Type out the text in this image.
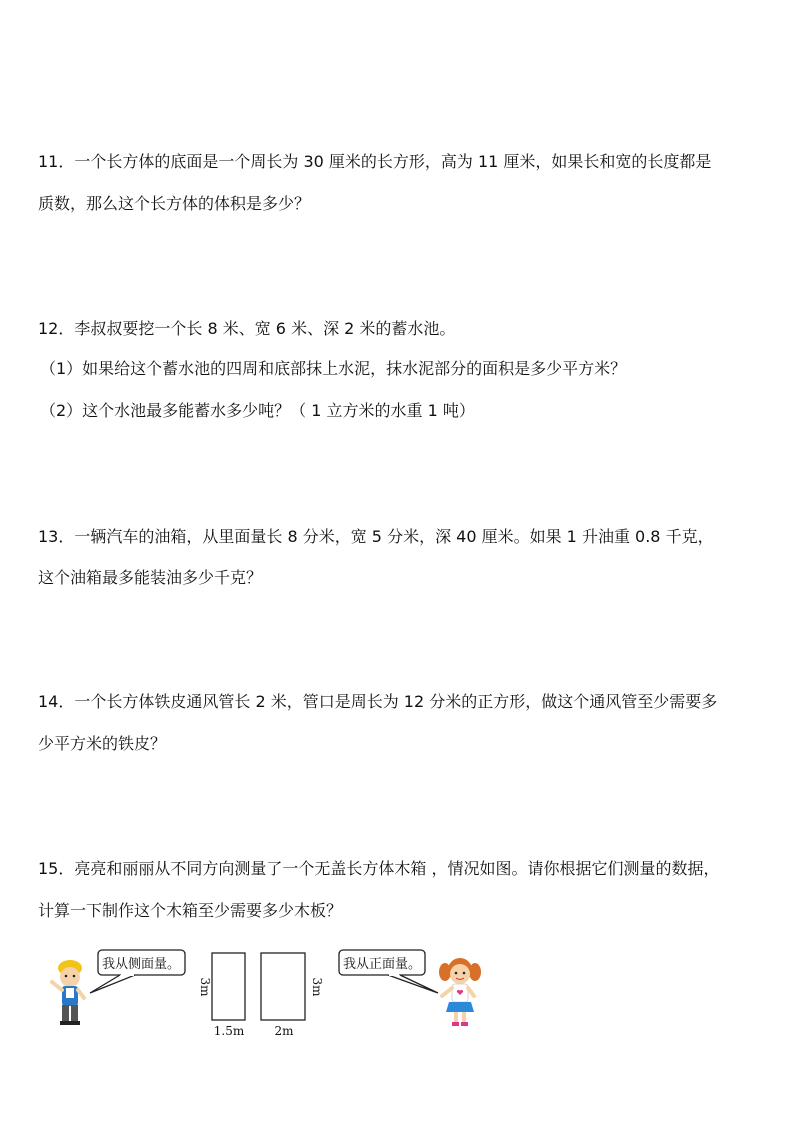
11．一个长方体的底面是一个周长为 30 厘米的长方形，高为 11 厘米，如果长和宽的长度都是
质数，那么这个长方体的体积是多少？
12．李叔叔要挖一个长 8 米、宽 6 米、深 2 米的蓄水池。
（1）如果给这个蓄水池的四周和底部抹上水泥，抹水泥部分的面积是多少平方米？
（2）这个水池最多能蓄水多少吨？（ 1 立方米的水重 1 吨）
13．一辆汽车的油箱，从里面量长 8 分米，宽 5 分米，深 40 厘米。如果 1 升油重 0.8 千克，
这个油箱最多能装油多少千克？
14．一个长方体铁皮通风管长 2 米，管口是周长为 12 分米的正方形，做这个通风管至少需要多
少平方米的铁皮？
15．亮亮和丽丽从不同方向测量了一个无盖长方体木箱 ，情况如图。请你根据它们测量的数据，
计算一下制作这个木箱至少需要多少木板？
我从侧面量。
3m
1.5m
3m
2m
我从正面量。
